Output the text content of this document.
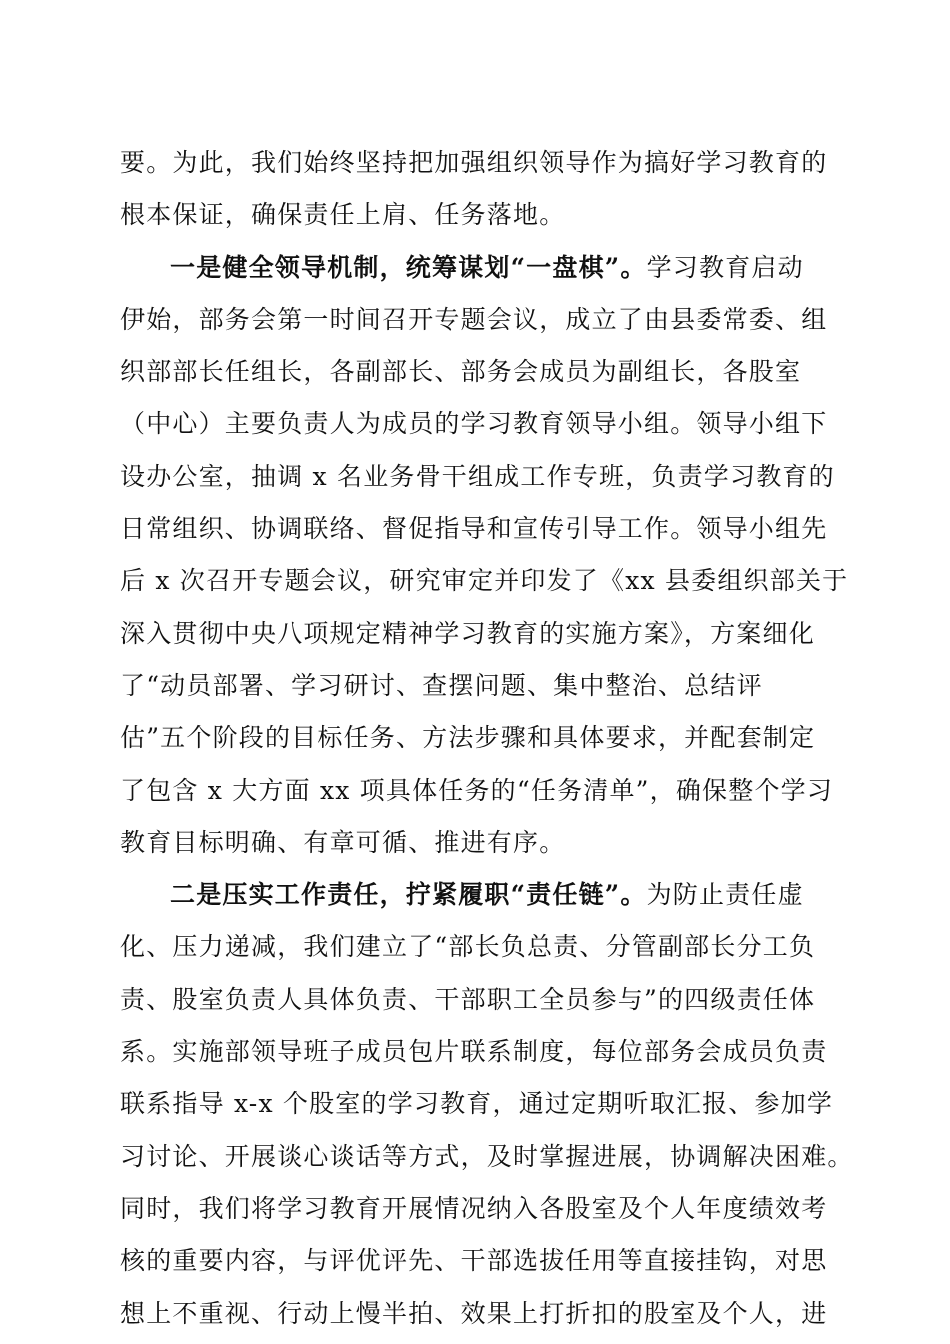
要。为此，我们始终坚持把加强组织领导作为搞好学习教育的
根本保证，确保责任上肩、任务落地。
一是健全领导机制，统筹谋划“一盘棋”。学习教育启动
伊始，部务会第一时间召开专题会议，成立了由县委常委、组
织部部长任组长，各副部长、部务会成员为副组长，各股室
（中心）主要负责人为成员的学习教育领导小组。领导小组下
设办公室，抽调 x 名业务骨干组成工作专班，负责学习教育的
日常组织、协调联络、督促指导和宣传引导工作。领导小组先
后 x 次召开专题会议，研究审定并印发了《xx 县委组织部关于
深入贯彻中央八项规定精神学习教育的实施方案》，方案细化
了“动员部署、学习研讨、查摆问题、集中整治、总结评
估”五个阶段的目标任务、方法步骤和具体要求，并配套制定
了包含 x 大方面 xx 项具体任务的“任务清单”，确保整个学习
教育目标明确、有章可循、推进有序。
二是压实工作责任，拧紧履职“责任链”。为防止责任虚
化、压力递减，我们建立了“部长负总责、分管副部长分工负
责、股室负责人具体负责、干部职工全员参与”的四级责任体
系。实施部领导班子成员包片联系制度，每位部务会成员负责
联系指导 x-x 个股室的学习教育，通过定期听取汇报、参加学
习讨论、开展谈心谈话等方式，及时掌握进展，协调解决困难。
同时，我们将学习教育开展情况纳入各股室及个人年度绩效考
核的重要内容，与评优评先、干部选拔任用等直接挂钩，对思
想上不重视、行动上慢半拍、效果上打折扣的股室及个人，进
